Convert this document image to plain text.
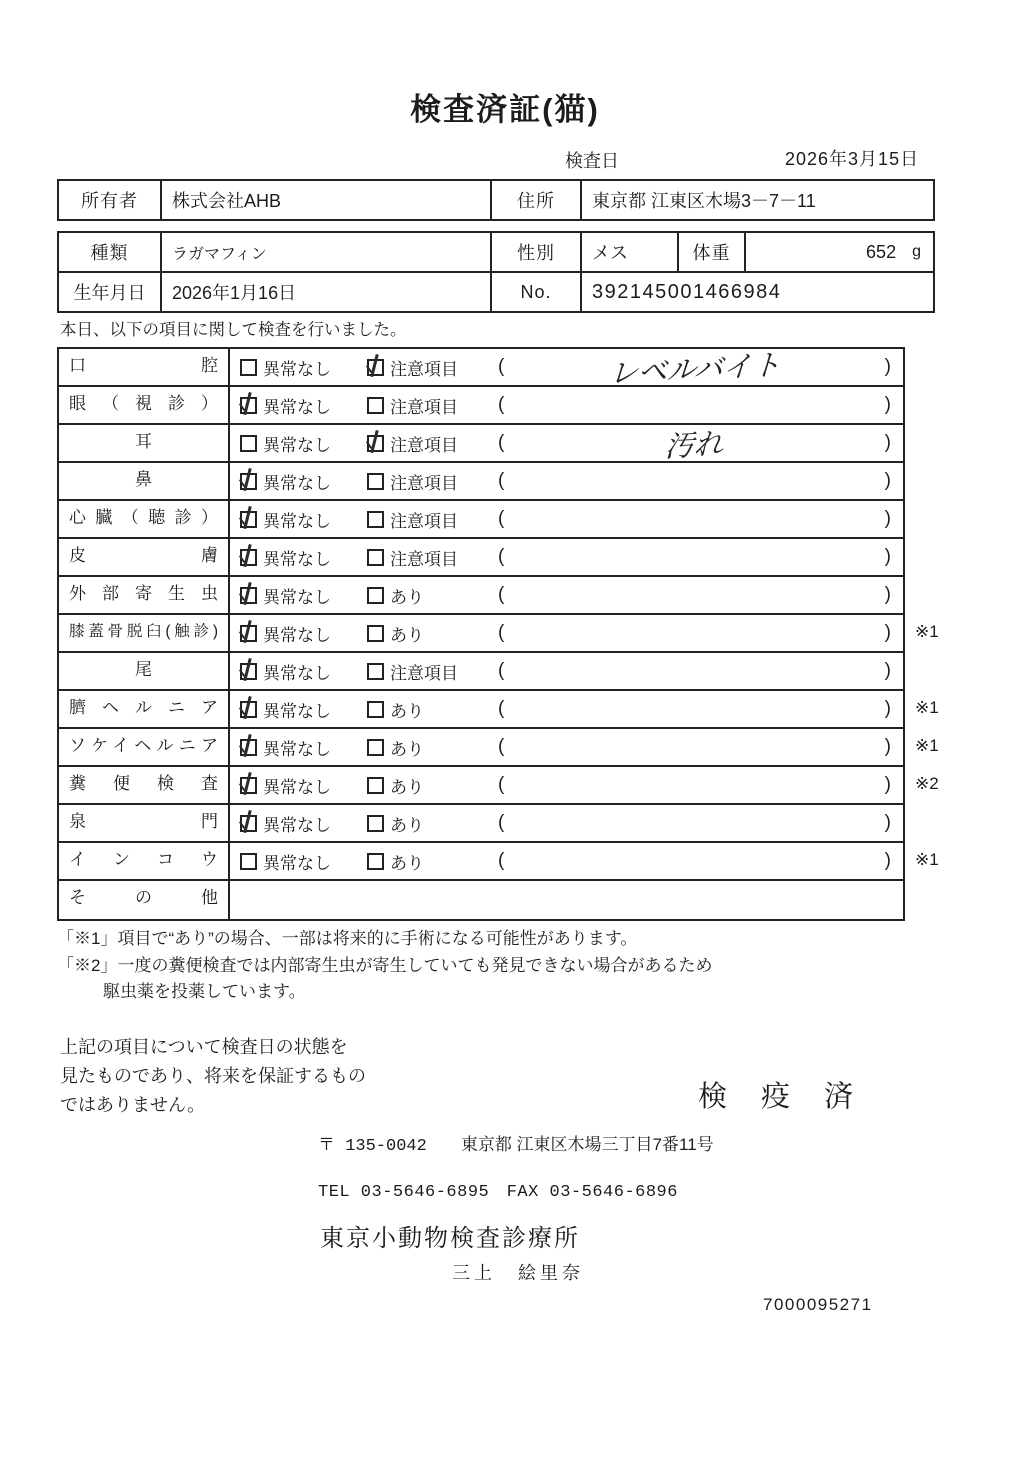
検査済証(猫)
検査日	2026年3月15日
所有者	株式会社AHB	住所	東京都 江東区木場3－7－11
種類	ラガマフィン	性別	メス	体重	652 g
生年月日	2026年1月16日	No.	392145001466984
本日、以下の項目に関して検査を行いました。
口腔	異常なし	注意項目 (	レベルバイト	)
眼（視診）	異常なし	注意項目 (	)
耳	異常なし	注意項目 (	汚れ	)
鼻	異常なし	注意項目 (	)
心臓（聴診）	異常なし	注意項目 (	)
皮膚	異常なし	注意項目 (	)
外部寄生虫	異常なし	あり	(	)
膝蓋骨脱臼(触診)	異常なし	あり	(	) ※1
尾	異常なし	注意項目 (	)
臍ヘルニア	異常なし	あり	(	) ※1
ソケイヘルニア	異常なし	あり	(	) ※1
糞便検査	異常なし	あり	(	) ※2
泉門	異常なし	あり	(	)
インコウ	異常なし	あり	(	) ※1
その他
「※1」項目で“あり”の場合、一部は将来的に手術になる可能性があります。
「※2」一度の糞便検査では内部寄生虫が寄生していても発見できない場合があるため
駆虫薬を投薬しています。
上記の項目について検査日の状態を
見たものであり、将来を保証するもの
ではありません。	検 疫 済
〒 135-0042 東京都 江東区木場三丁目7番11号
TEL 03-5646-6895　FAX 03-5646-6896
東京小動物検査診療所
三上　絵里奈
7000095271
